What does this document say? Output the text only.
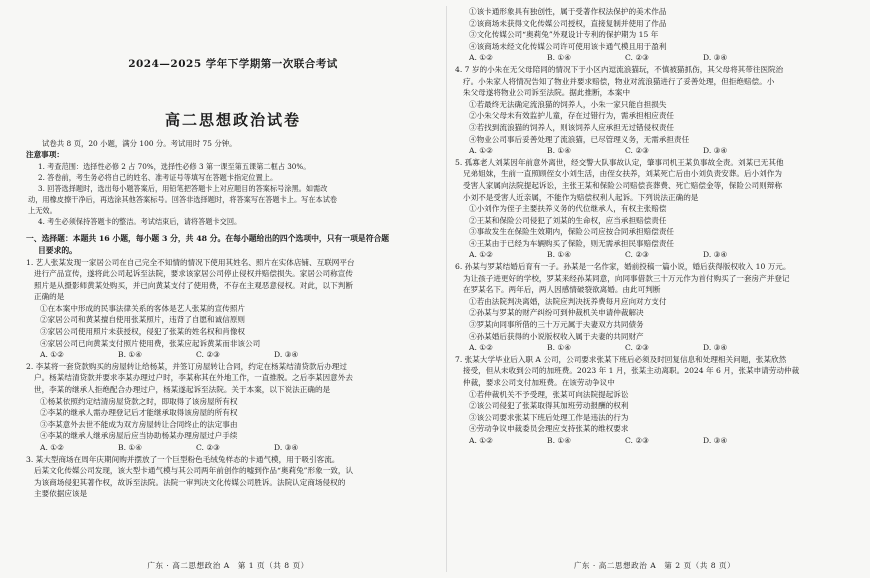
2024—2025 学年下学期第一次联合考试
高二思想政治试卷
试卷共 8 页，20 小题，满分 100 分。考试用时 75 分钟。
注意事项：
1. 考查范围：选择性必修 2 占 70%，选择性必修 3 第一课至第五课第二框占 30%。
2. 答卷前，考生务必将自己的姓名、准考证号等填写在答题卡指定位置上。
3. 回答选择题时，选出每小题答案后，用铅笔把答题卡上对应题目的答案标号涂黑。如需改
动，用橡皮擦干净后，再选涂其他答案标号。回答非选择题时，将答案写在答题卡上。写在本试卷
上无效。
4. 考生必须保持答题卡的整洁。考试结束后，请将答题卡交回。
一、选择题：本题共 16 小题，每小题 3 分，共 48 分。在每小题给出的四个选项中，只有一项是符合题
目要求的。
1. 艺人张某发现一家居公司在自己完全不知情的情况下使用其姓名、照片在实体店铺、互联网平台
进行产品宣传，遂将此公司起诉至法院，要求该家居公司停止侵权并赔偿损失。家居公司称宣传
照片是从摄影师黄某处购买，并已向黄某支付了使用费，不存在主观恶意侵权。对此，以下判断
正确的是
①在本案中形成的民事法律关系的客体是艺人张某的宣传照片
②家居公司和黄某擅自使用张某照片，违背了自愿和诚信原则
③家居公司使用照片未获授权，侵犯了张某的姓名权和肖像权
④家居公司已向黄某支付照片使用费，张某应起诉黄某而非该公司
A. ①②	B. ①④	C. ②③	D. ③④
2. 李某将一套贷款购买的房屋转让给杨某，并签订房屋转让合同，约定在杨某结清贷款后办理过
户。杨某结清贷款并要求李某办理过户时，李某称其在外地工作，一直推脱。之后李某因意外去
世，李某的继承人拒绝配合办理过户，杨某遂起诉至法院。关于本案，以下说法正确的是
①杨某依照约定结清房屋贷款之时，即取得了该房屋所有权
②李某的继承人需办理登记后才能继承取得该房屋的所有权
③李某意外去世不能成为双方房屋转让合同终止的法定事由
④李某的继承人继承房屋后应当协助杨某办理房屋过户手续
A. ①②	B. ①④	C. ②③	D. ③④
3. 某大型商场在周年庆期间购并摆放了一个巨型粉色毛绒兔样态的卡通气模，用于吸引客流。
后某文化传媒公司发现，该大型卡通气模与其公司两年前创作的嘘到作品“奥莉兔”形象一致，认
为该商场侵犯其著作权，故诉至法院。法院一审判决文化传媒公司胜诉。法院认定商场侵权的
主要依据应该是
广东 · 高二思想政治 A　第 1 页（共 8 页）
①该卡通形象具有独创性，属于受著作权法保护的美术作品
②该商场未获得文化传媒公司授权，直接复制并使用了作品
③文化传媒公司“奥莉兔”外观设计专利的保护期为 15 年
④该商场未经文化传媒公司许可使用该卡通气模且用于盈利
A. ①②	B. ①④	C. ②③	D. ③④
4. 7 岁的小朱在无父母陪同的情况下于小区内逗流浪猫玩，不慎被猫抓伤，其父母将其带往医院治
疗。小朱家人将情况告知了物业并要求赔偿，物业对流浪猫进行了妥善处理，但拒绝赔偿。小
朱父母遂将物业公司诉至法院。据此推断，本案中
①若最终无法确定流浪猫的饲养人，小朱一家只能自担损失
②小朱父母未有效监护儿童，存在过错行为，需承担相应责任
③若找到流浪猫的饲养人，则该饲养人应承担无过错侵权责任
④物业公司事后妥善处理了流浪猫，已尽管理义务，无需承担责任
A. ①②	B. ①④	C. ②③	D. ③④
5. 孤寡老人刘某因年前意外离世，经交警大队事故认定，肇事司机王某负事故全责。刘某已无其他
兄弟姐妹，生前一直照顾侄女小刘生活，由侄女扶养，刘某死亡后由小刘负责安葬。后小刘作为
受害人家属向法院提起诉讼，主张王某和保险公司赔偿丧葬费、死亡赔偿金等，保险公司则辩称
小刘不是受害人近亲属，不能作为赔偿权利人起诉。下列说法正确的是
①小刘作为侄子主要扶养义务的代位继承人，有权主张赔偿
②王某和保险公司侵犯了刘某的生命权，应当承担赔偿责任
③事故发生在保险生效期内，保险公司应按合同承担赔偿责任
④王某由于已经为车辆购买了保险，则无需承担民事赔偿责任
A. ①②	B. ①④	C. ②③	D. ③④
6. 孙某与罗某结婚后育有一子。孙某是一名作家，婚前投稿一篇小说，婚后获得版权收入 10 万元。
为让孩子进更好的学校，罗某来经孙某同意，向同事借款三十万元作为首付购买了一套房产并登记
在罗某名下。两年后，两人因感情破裂欲离婚。由此可判断
①若由法院判决离婚，法院应判决抚养费每月应向对方支付
②孙某与罗某的财产纠纷可到仲裁机关申请仲裁解决
③罗某向同事所借的三十万元属于夫妻双方共同债务
④孙某婚后获得的小说版权收入属于夫妻的共同财产
A. ①②	B. ①④	C. ②③	D. ③④
7. 张某大学毕业后入职 A 公司，公司要求张某下班后必须及时回复信息和处理相关问题，张某欣然
接受，但从未收到公司的加班费。2023 年 1 月，张某主动离职。2024 年 6 月，张某申请劳动仲裁
仲裁，要求公司支付加班费。在该劳动争议中
①若仲裁机关不予受理，张某可向法院提起诉讼
②该公司侵犯了张某取得其加班劳动报酬的权利
③该公司要求张某下班后处理工作是违法的行为
④劳动争议申裁委员会理应支持张某的维权要求
A. ①②	B. ①④	C. ②③	D. ③④
广东 · 高二思想政治 A　第 2 页（共 8 页）
